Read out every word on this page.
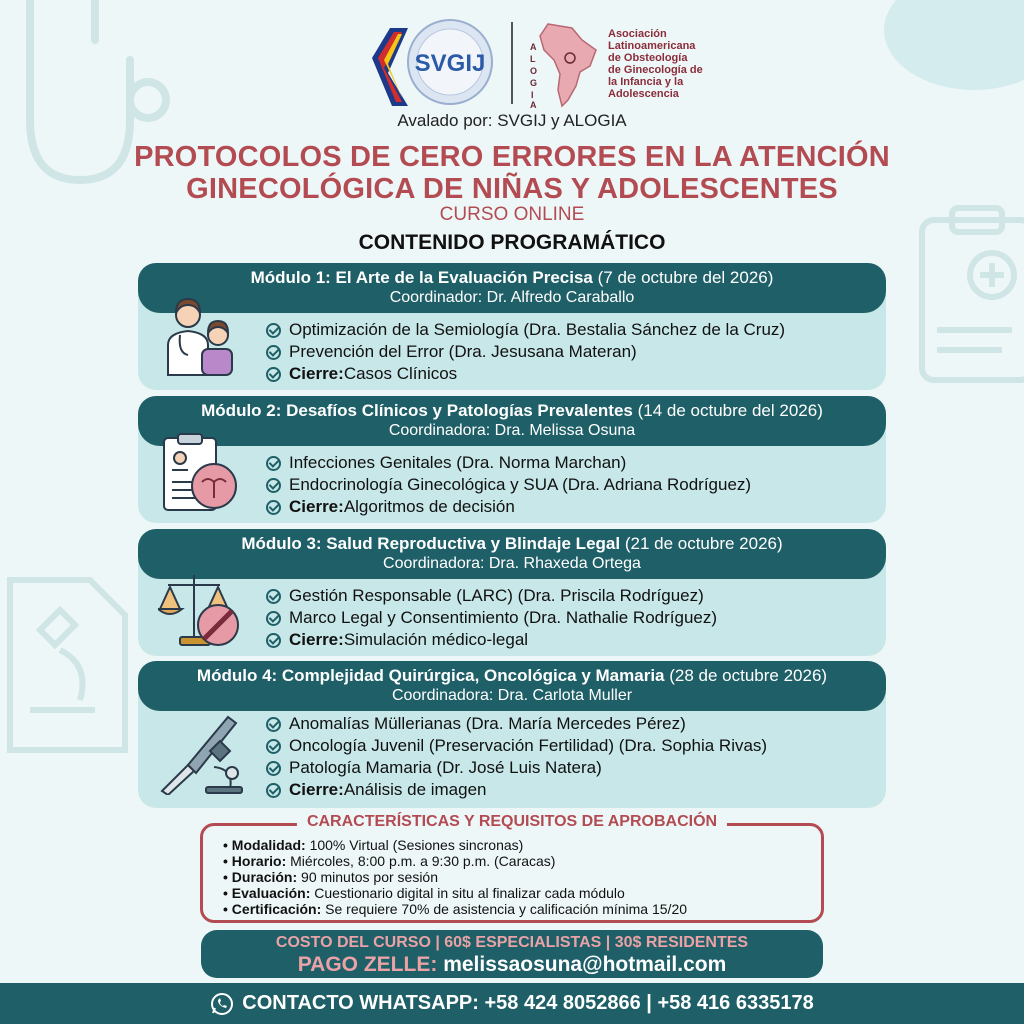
SVGIJ
A
L
O
G
I
A
Asociación
Latinoamericana
de Obsteología
de Ginecología de
la Infancia y la
Adolescencia
Avalado por: SVGIJ y ALOGIA
PROTOCOLOS DE CERO ERRORES EN LA ATENCIÓN
GINECOLÓGICA DE NIÑAS Y ADOLESCENTES
CURSO ONLINE
CONTENIDO PROGRAMÁTICO
Módulo 1: El Arte de la Evaluación Precisa (7 de octubre del 2026)
Coordinador: Dr. Alfredo Caraballo
Optimización de la Semiología (Dra. Bestalia Sánchez de la Cruz)
Prevención del Error (Dra. Jesusana Materan)
Cierre: Casos Clínicos
Módulo 2: Desafíos Clínicos y Patologías Prevalentes (14 de octubre del 2026)
Coordinadora: Dra. Melissa Osuna
Infecciones Genitales (Dra. Norma Marchan)
Endocrinología Ginecológica y SUA (Dra. Adriana Rodríguez)
Cierre: Algoritmos de decisión
Módulo 3: Salud Reproductiva y Blindaje Legal (21 de octubre 2026)
Coordinadora: Dra. Rhaxeda Ortega
Gestión Responsable (LARC) (Dra. Priscila Rodríguez)
Marco Legal y Consentimiento (Dra. Nathalie Rodríguez)
Cierre: Simulación médico-legal
Módulo 4: Complejidad Quirúrgica, Oncológica y Mamaria (28 de octubre 2026)
Coordinadora: Dra. Carlota Muller
Anomalías Müllerianas (Dra. María Mercedes Pérez)
Oncología Juvenil (Preservación Fertilidad) (Dra. Sophia Rivas)
Patología Mamaria (Dr. José Luis Natera)
Cierre: Análisis de imagen
CARACTERÍSTICAS Y REQUISITOS DE APROBACIÓN
• Modalidad: 100% Virtual (Sesiones sincronas)
• Horario: Miércoles, 8:00 p.m. a 9:30 p.m. (Caracas)
• Duración: 90 minutos por sesión
• Evaluación: Cuestionario digital in situ al finalizar cada módulo
• Certificación: Se requiere 70% de asistencia y calificación mínima 15/20
COSTO DEL CURSO | 60$ ESPECIALISTAS | 30$ RESIDENTES
PAGO ZELLE: melissaosuna@hotmail.com
CONTACTO WHATSAPP: +58 424 8052866 | +58 416 6335178
